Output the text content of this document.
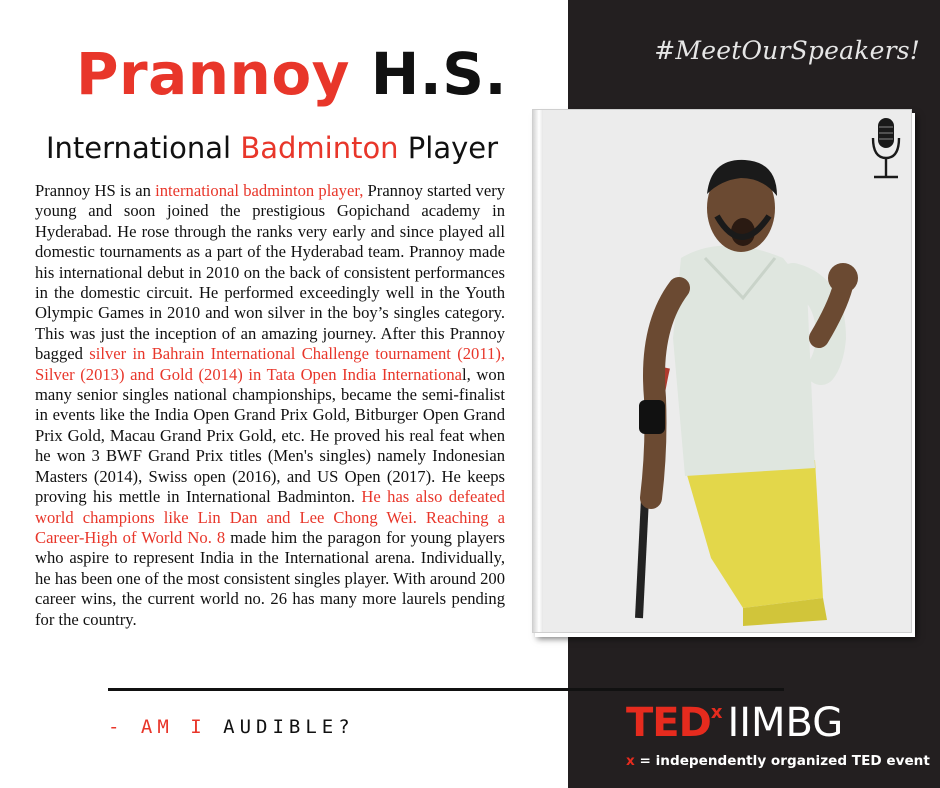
#MeetOurSpeakers!
Prannoy H.S.
International Badminton Player
Prannoy HS is an international badminton player, Prannoy started very young and soon joined the prestigious Gopichand academy in Hyderabad. He rose through the ranks very early and since played all domestic tournaments as a part of the Hyderabad team. Prannoy made his international debut in 2010 on the back of consistent performances in the domestic circuit. He performed exceedingly well in the Youth Olympic Games in 2010 and won silver in the boy’s singles category. This was just the inception of an amazing journey. After this Prannoy bagged silver in Bahrain International Challenge tournament (2011), Silver (2013) and Gold (2014) in Tata Open India International, won many senior singles national championships, became the semi-finalist in events like the India Open Grand Prix Gold, Bitburger Open Grand Prix Gold, Macau Grand Prix Gold, etc. He proved his real feat when he won 3 BWF Grand Prix titles (Men's singles) namely Indonesian Masters (2014), Swiss open (2016), and US Open (2017). He keeps proving his mettle in International Badminton. He has also defeated world champions like Lin Dan and Lee Chong Wei. Reaching a Career-High of World No. 8 made him the paragon for young players who aspire to represent India in the International arena. Individually, he has been one of the most consistent singles player. With around 200 career wins, the current world no. 26 has many more laurels pending for the country.
- AM I AUDIBLE?	TED$^x$ IIMBG
x = independently organized TED event
